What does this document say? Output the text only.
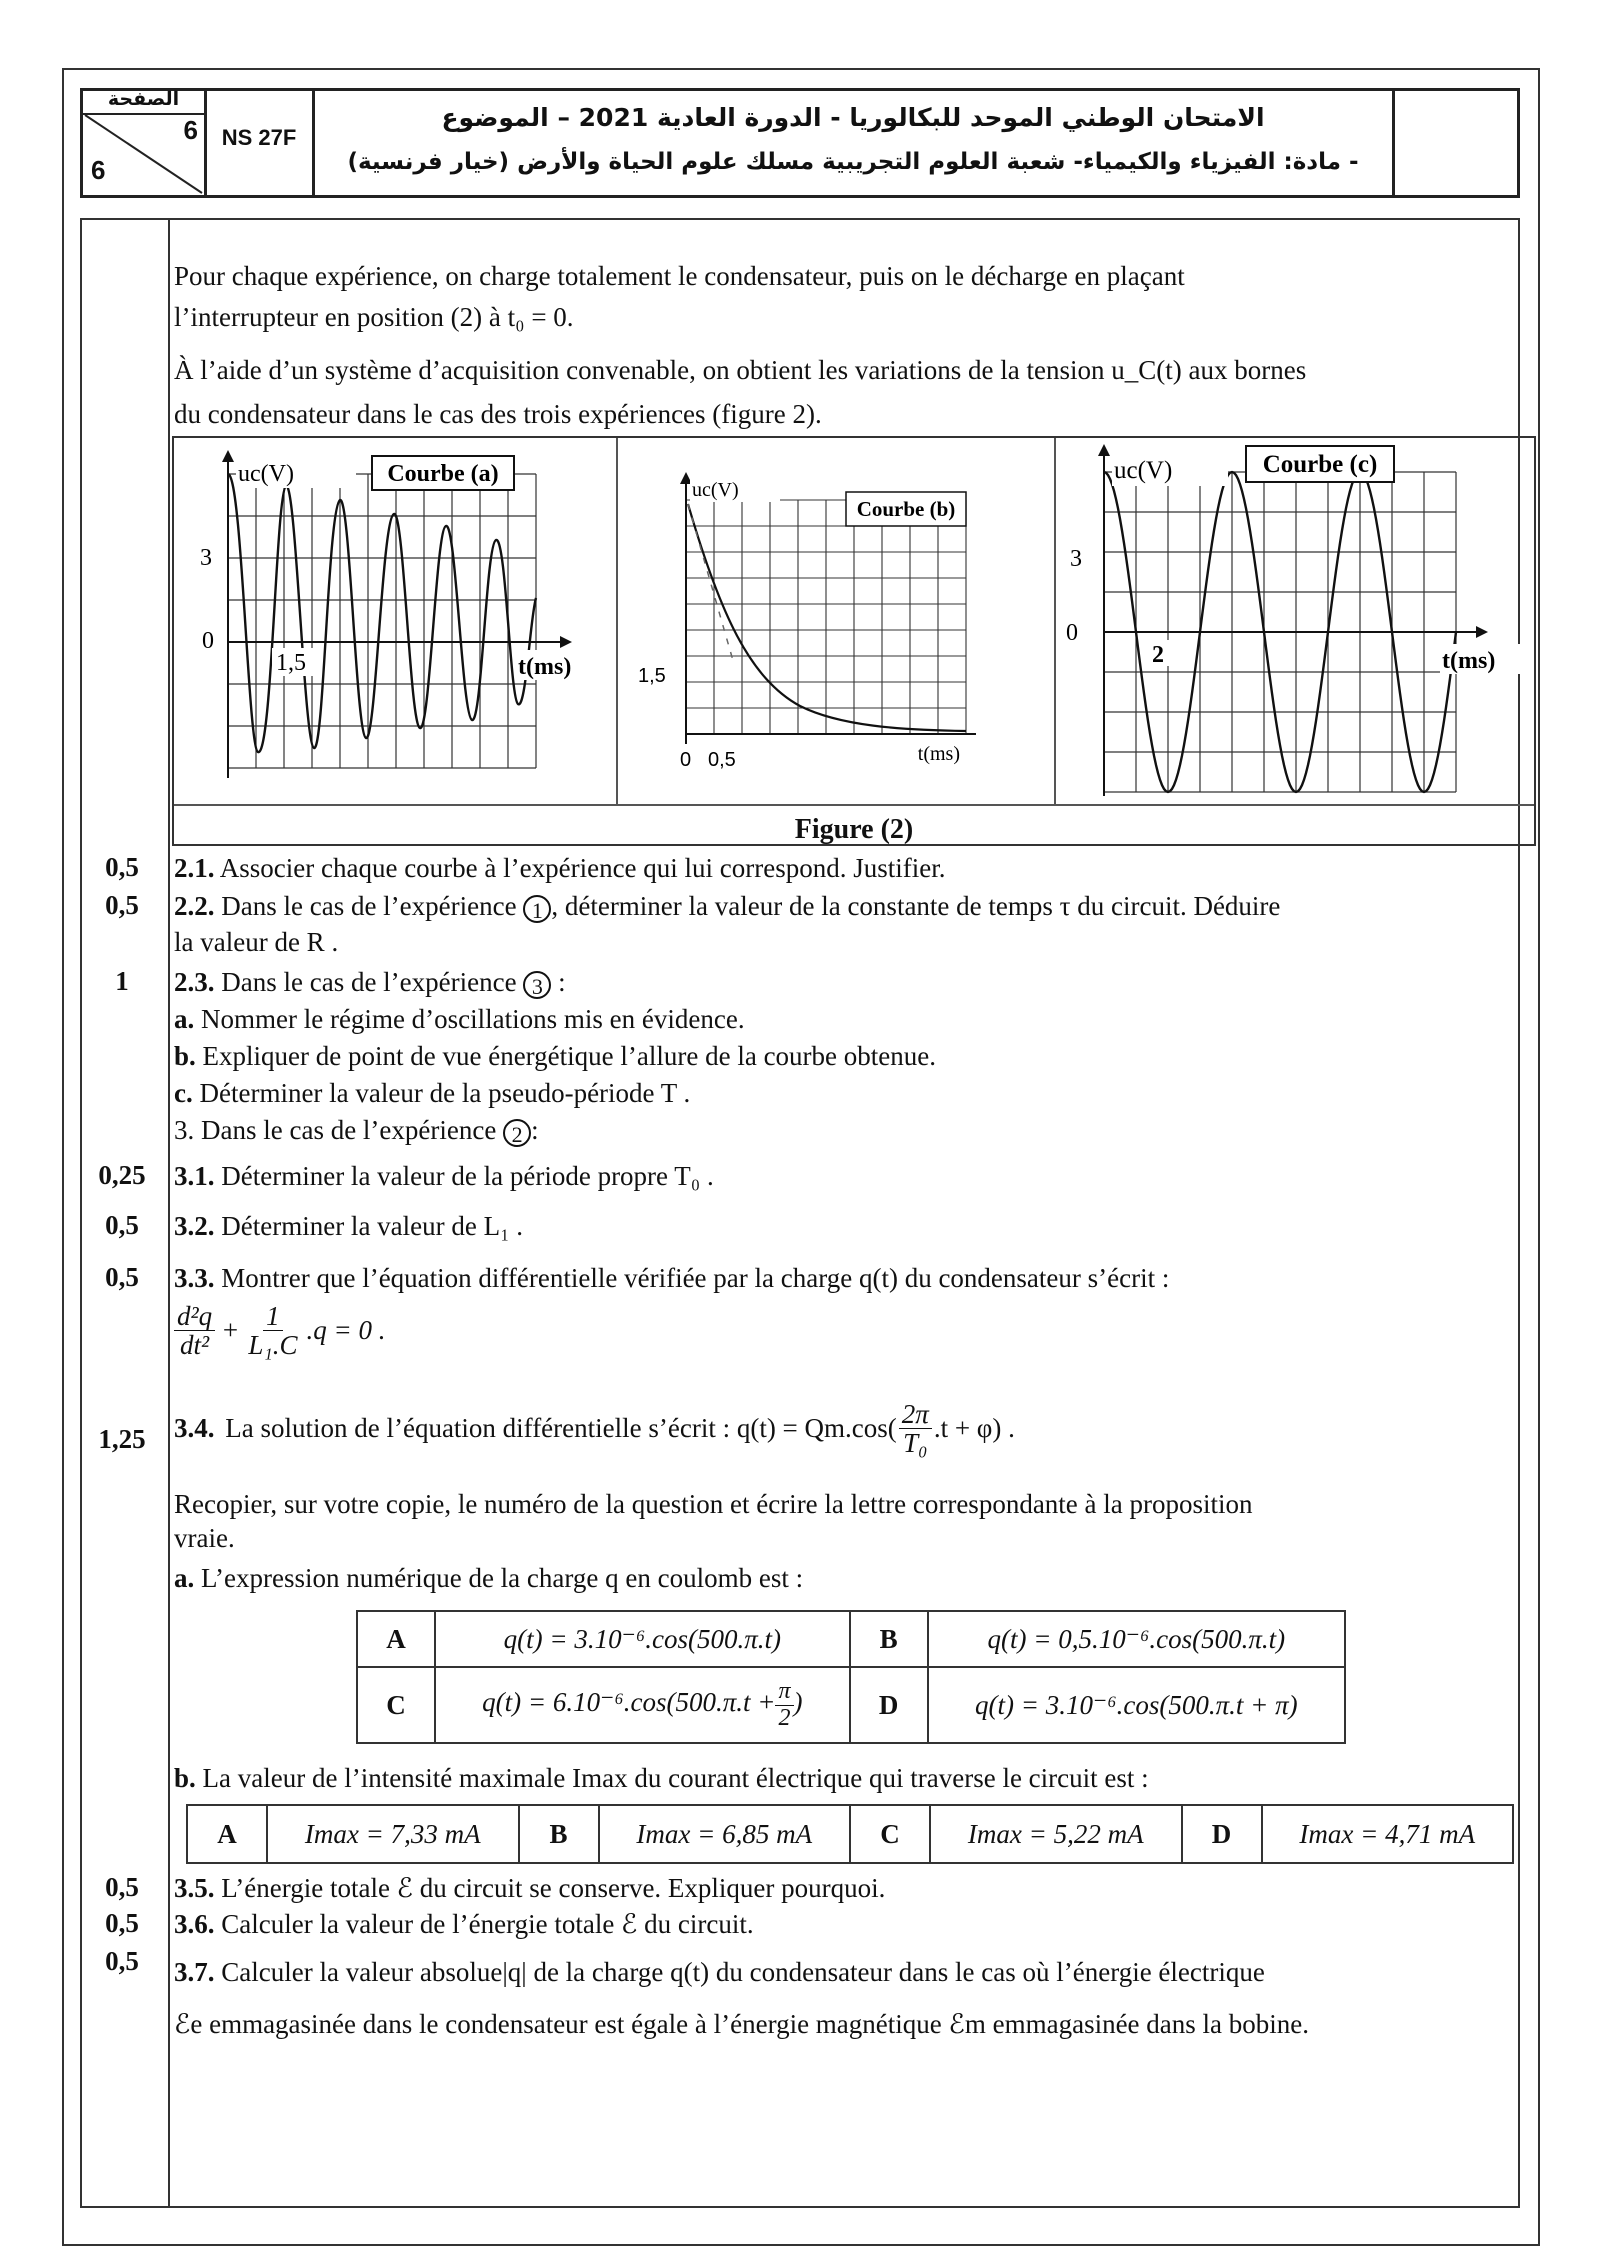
الصفحة
6
6
NS 27F
الامتحان الوطني الموحد للبكالوريا - الدورة العادية 2021 – الموضوع
- مادة: الفيزياء والكيمياء- شعبة العلوم التجريبية مسلك علوم الحياة والأرض (خيار فرنسية)
Pour chaque expérience, on charge totalement le condensateur, puis on le décharge en plaçant
l’interrupteur en position (2) à t₀ = 0.
À l’aide d’un système d’acquisition convenable, on obtient les variations de la tension u_C(t) aux bornes
du condensateur dans le cas des trois expériences (figure 2).
Courbe (a)
uc(V)
3
0
1,5	t(ms)
Courbe (b)
uc(V)
1,5
0 0,5	t(ms)
Courbe (c)
uc(V)
3
0
2	t(ms)
Figure (2)
0,5	2.1. Associer chaque courbe à l’expérience qui lui correspond. Justifier.
0,5	2.2. Dans le cas de l’expérience 1 , déterminer la valeur de la constante de temps τ du circuit. Déduire
la valeur de R .
1	2.3. Dans le cas de l’expérience 3 :
a. Nommer le régime d’oscillations mis en évidence.
b. Expliquer de point de vue énergétique l’allure de la courbe obtenue.
c. Déterminer la valeur de la pseudo-période T .
3. Dans le cas de l’expérience 2 :
0,25	3.1. Déterminer la valeur de la période propre T₀ .
0,5	3.2. Déterminer la valeur de L₁ .
0,5	3.3. Montrer que l’équation différentielle vérifiée par la charge q(t) du condensateur s’écrit :
$\frac{\text{d²q}}{\text{dt²}} + \frac{1}{\text{L₁.C}} .q = 0$ .
1,25	3.4.
La solution de l’équation différentielle s’écrit : $q(t) = Qm.\cos( \frac{2\pi}{\text{T₀}} .t + \varphi)$ .
Recopier, sur votre copie, le numéro de la question et écrire la lettre correspondante à la proposition
vraie.
a. L’expression numérique de la charge q en coulomb est :
A	q(t) = 3.10⁻⁶.cos(500.π.t)	B	q(t) = 0,5.10⁻⁶.cos(500.π.t)
C	$q(t) = 6.10^{-6}.\cos(500.\pi.t + \frac{\pi}{2}$ )	D	q(t) = 3.10⁻⁶.cos(500.π.t + π)
b. La valeur de l’intensité maximale Imax du courant électrique qui traverse le circuit est :
A	Imax = 7,33 mA	B	Imax = 6,85 mA	C	Imax = 5,22 mA	D	Imax = 4,71 mA
0,5	3.5. L’énergie totale ℰ du circuit se conserve. Expliquer pourquoi.
0,5	3.6. Calculer la valeur de l’énergie totale ℰ du circuit.
0,5	3.7. Calculer la valeur absolue|q| de la charge q(t) du condensateur dans le cas où l’énergie électrique
ℰe emmagasinée dans le condensateur est égale à l’énergie magnétique ℰm emmagasinée dans la bobine.
